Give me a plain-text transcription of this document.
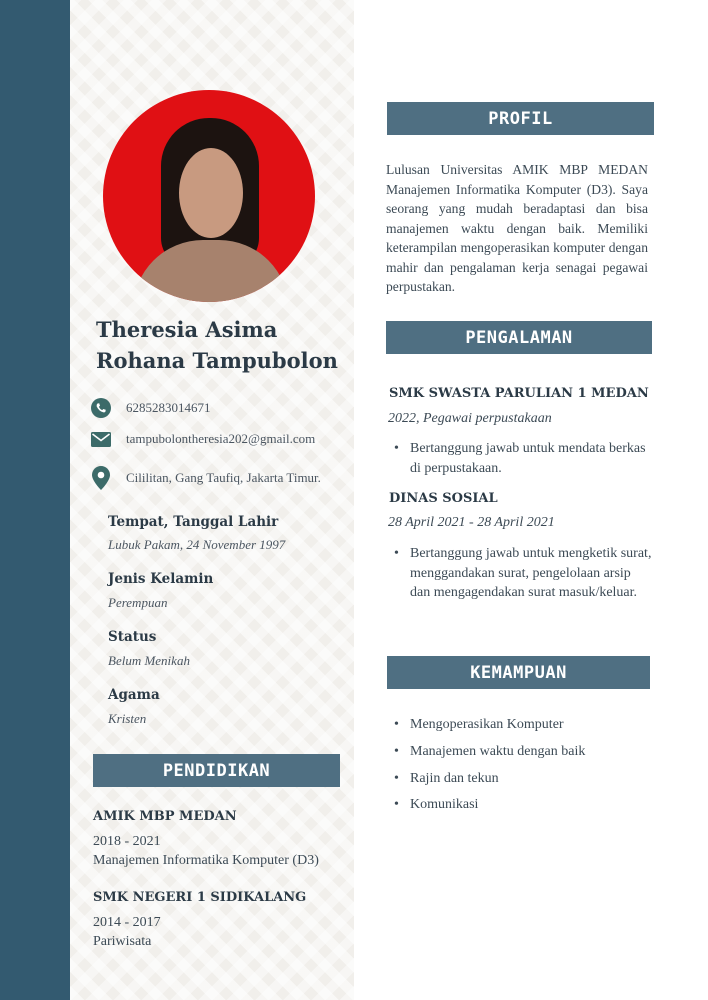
Theresia Asima Rohana Tampubolon
6285283014671
tampubolontheresia202@gmail.com
Cililitan, Gang Taufiq, Jakarta Timur.
Tempat, Tanggal Lahir
Lubuk Pakam, 24 November 1997
Jenis Kelamin
Perempuan
Status
Belum Menikah
Agama
Kristen
PENDIDIKAN
AMIK MBP MEDAN
2018 - 2021
Manajemen Informatika Komputer (D3)
SMK NEGERI 1 SIDIKALANG
2014 - 2017
Pariwisata
PROFIL

Lulusan Universitas AMIK MBP MEDAN Manajemen Informatika Komputer (D3). Saya seorang yang mudah beradaptasi dan bisa manajemen waktu dengan baik. Memiliki keterampilan mengoperasikan komputer dengan mahir dan pengalaman kerja senagai pegawai perpustakan.

PENGALAMAN
SMK SWASTA PARULIAN 1 MEDAN
2022, Pegawai perpustakaan
• Bertanggung jawab untuk mendata berkas di perpustakaan.
DINAS SOSIAL
28 April 2021 - 28 April 2021
• Bertanggung jawab untuk mengketik surat, menggandakan surat, pengelolaan arsip dan mengagendakan surat masuk/keluar.
KEMAMPUAN
• Mengoperasikan Komputer
• Manajemen waktu dengan baik
• Rajin dan tekun
• Komunikasi
